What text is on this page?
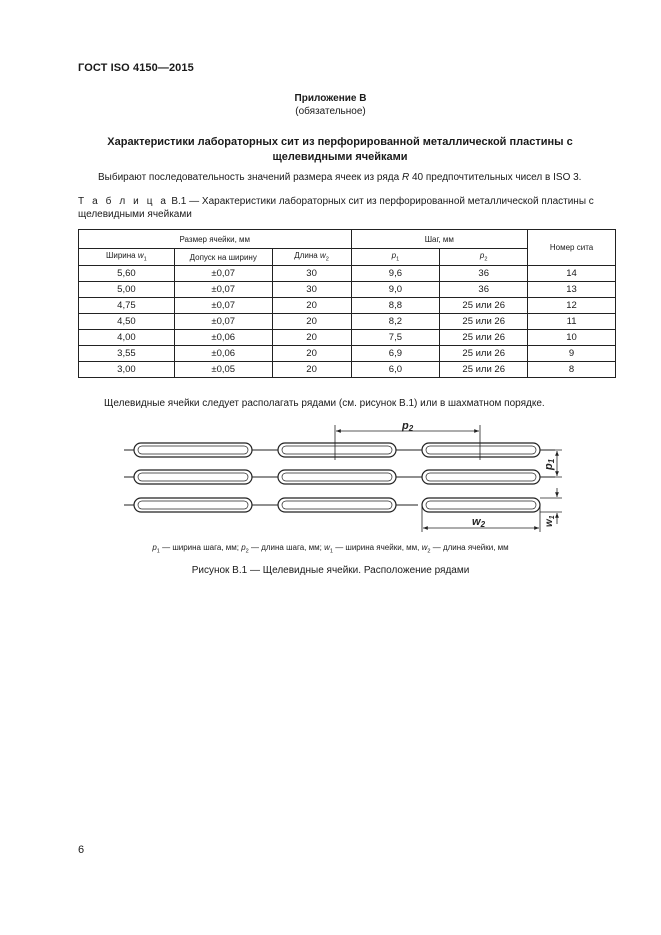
ГОСТ ISO 4150—2015
Приложение В
(обязательное)
Характеристики лабораторных сит из перфорированной металлической пластины с щелевидными ячейками
Выбирают последовательность значений размера ячеек из ряда R 40 предпочтительных чисел в ISO 3.
Т а б л и ц а В.1 — Характеристики лабораторных сит из перфорированной металлической пластины с щелевидными ячейками
Размер ячейки, мм			Шаг, мм		Номер сита
Ширина $w_1$	Допуск на ширину	Длина $w_2$	$p_1$	$p_2$
5,60	±0,07	30	9,6	36	14
5,00	±0,07	30	9,0	36	13
4,75	±0,07	20	8,8	25 или 26	12
4,50	±0,07	20	8,2	25 или 26	11
4,00	±0,06	20	7,5	25 или 26	10
3,55	±0,06	20	6,9	25 или 26	9
3,00	±0,05	20	6,0	25 или 26	8
Щелевидные ячейки следует располагать рядами (см. рисунок В.1) или в шахматном порядке.
p2
p1
w2	$w_1$
$p_1$ — ширина шага, мм; $p_2$ — длина шага, мм; $w_1$ — ширина ячейки, мм, $w_2$ — длина ячейки, мм
Рисунок В.1 — Щелевидные ячейки. Расположение рядами
6
